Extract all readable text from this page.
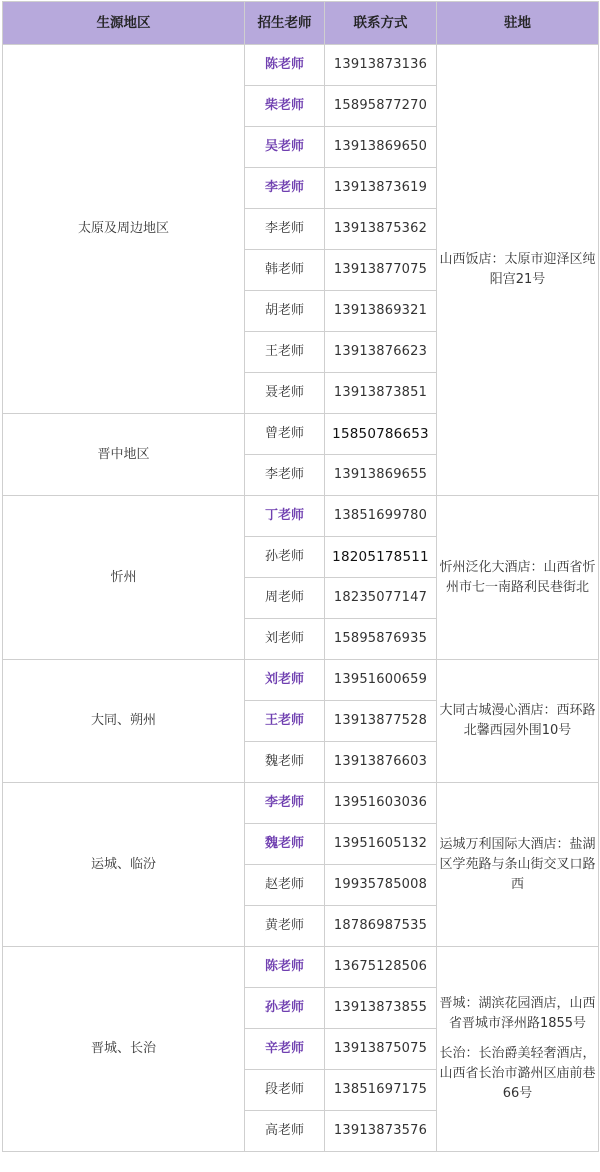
生源地区	招生老师	联系方式	驻地
太原及周边地区	陈老师	13913873136	山西饭店：太原市迎泽区纯阳宫21号

	柴老师	15895877270	
	吴老师	13913869650	
	李老师	13913873619	
	李老师	13913875362	
	韩老师	13913877075	
	胡老师	13913869321	
	王老师	13913876623	
	聂老师	13913873851	
晋中地区	曾老师	15850786653	
	李老师	13913869655	
忻州	丁老师	13851699780	忻州泛化大酒店：山西省忻州市七一南路利民巷街北

	孙老师	18205178511	
	周老师	18235077147	
	刘老师	15895876935	
大同、朔州	刘老师	13951600659	大同古城漫心酒店：西环路北馨西园外围10号

	王老师	13913877528	
	魏老师	13913876603	
运城、临汾	李老师	13951603036	运城万利国际大酒店：盐湖区学苑路与条山街交叉口路西

	魏老师	13951605132	
	赵老师	19935785008	
	黄老师	18786987535	
晋城、长治	陈老师	13675128506	晋城：湖滨花园酒店，山西省晋城市泽州路1855号
长治：长治爵美轻奢酒店，山西省长治市潞州区庙前巷66号

	孙老师	13913873855	
	辛老师	13913875075	
	段老师	13851697175	
	高老师	13913873576	
